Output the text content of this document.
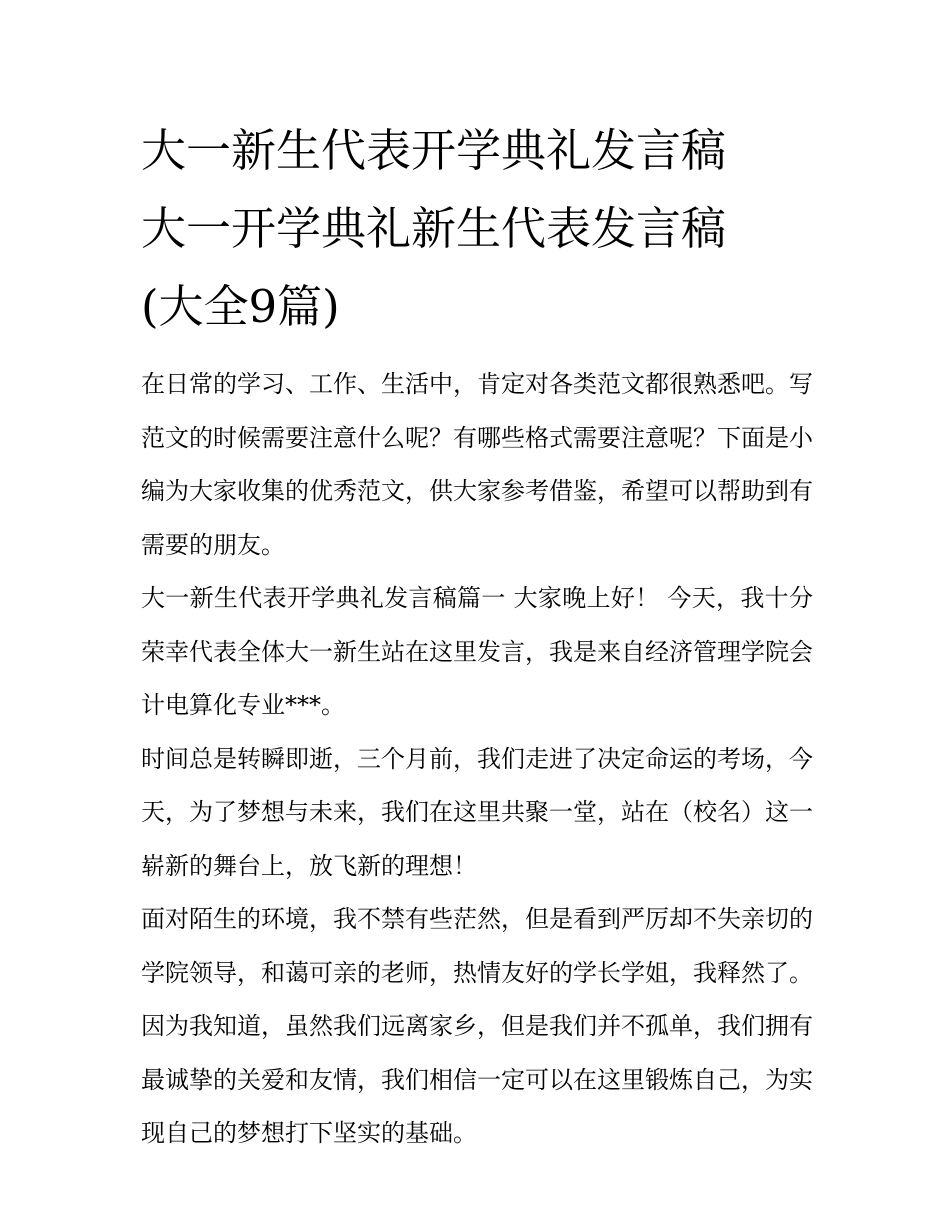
大一新生代表开学典礼发言稿
大一开学典礼新生代表发言稿
(大全9篇)

在日常的学习、工作、生活中，肯定对各类范文都很熟悉吧。写范文的时候需要注意什么呢？有哪些格式需要注意呢？下面是小编为大家收集的优秀范文，供大家参考借鉴，希望可以帮助到有需要的朋友。

大一新生代表开学典礼发言稿篇一 大家晚上好！ 今天，我十分荣幸代表全体大一新生站在这里发言，我是来自经济管理学院会计电算化专业***。

时间总是转瞬即逝，三个月前，我们走进了决定命运的考场，今天，为了梦想与未来，我们在这里共聚一堂，站在（校名）这一崭新的舞台上，放飞新的理想！

面对陌生的环境，我不禁有些茫然，但是看到严厉却不失亲切的学院领导，和蔼可亲的老师，热情友好的学长学姐，我释然了。因为我知道，虽然我们远离家乡，但是我们并不孤单，我们拥有最诚挚的关爱和友情，我们相信一定可以在这里锻炼自己，为实现自己的梦想打下坚实的基础。
